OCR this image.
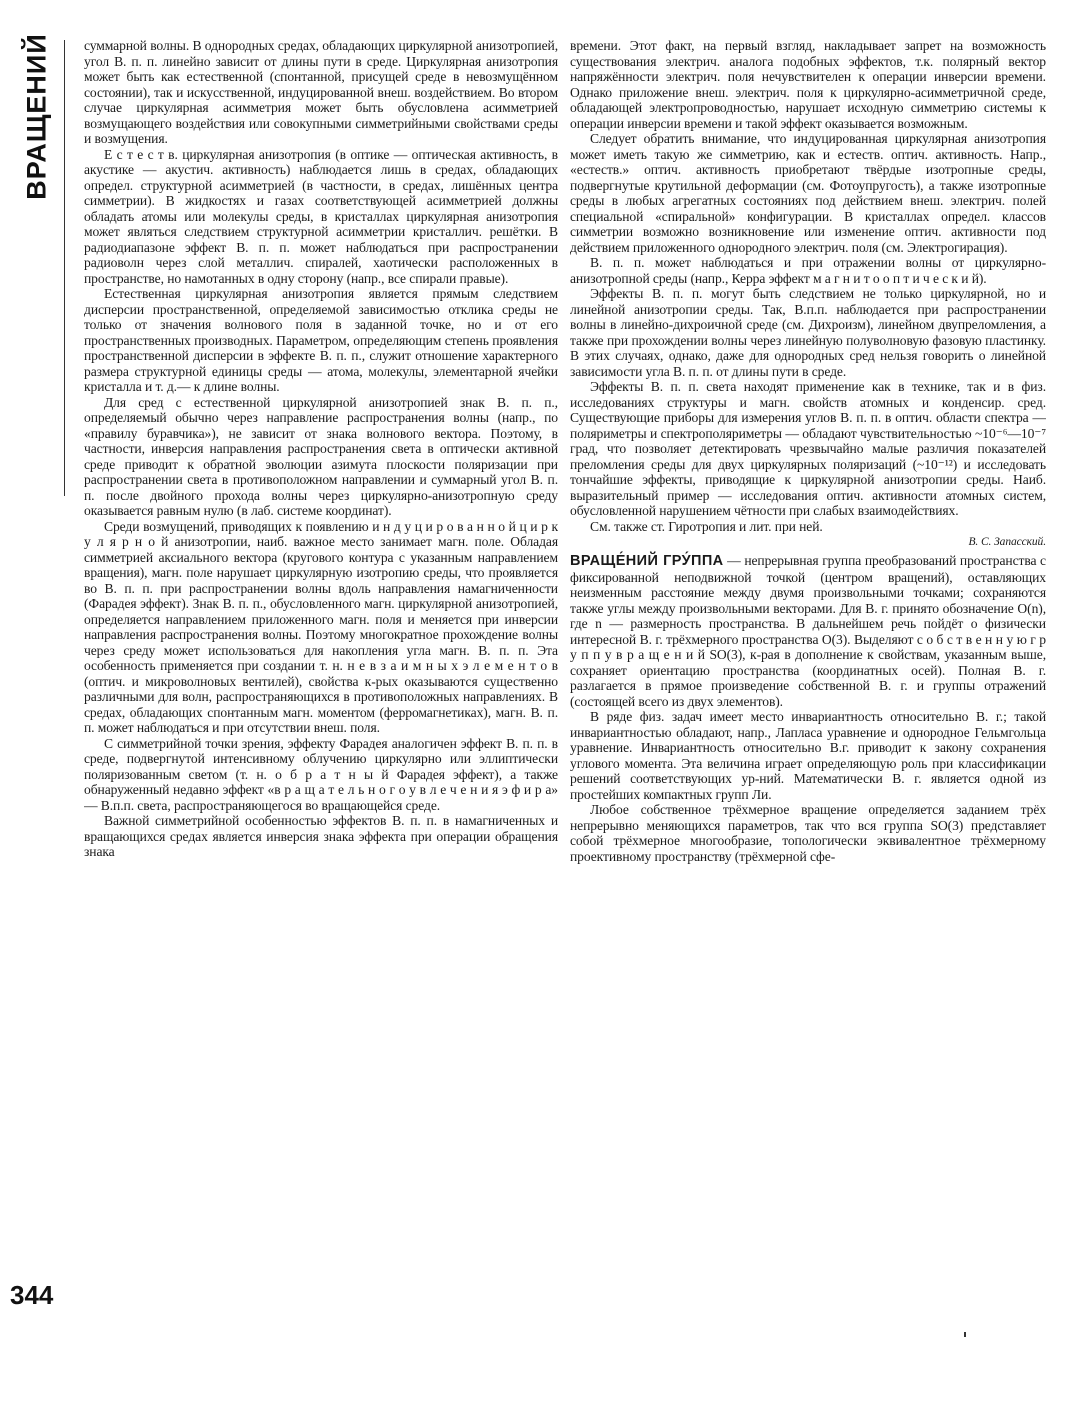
ВРАЩЕНИЙ
344

суммарной волны. В однородных средах, обладающих циркулярной анизотропией, угол В. п. п. линейно зависит от длины пути в среде. Циркулярная анизотропия может быть как естественной (спонтанной, присущей среде в невозмущённом состоянии), так и искусственной, индуцированной внеш. воздействием. Во втором случае циркулярная асимметрия может быть обусловлена асимметрией возмущающего воздействия или совокупными симметрийными свойствами среды и возмущения.

Е с т е с т в. циркулярная анизотропия (в оптике — оптическая активность, в акустике — акустич. активность) наблюдается лишь в средах, обладающих определ. структурной асимметрией (в частности, в средах, лишённых центра симметрии). В жидкостях и газах соответствующей асимметрией должны обладать атомы или молекулы среды, в кристаллах циркулярная анизотропия может являться следствием структурной асимметрии кристаллич. решётки. В радиодиапазоне эффект В. п. п. может наблюдаться при распространении радиоволн через слой металлич. спиралей, хаотически расположенных в пространстве, но намотанных в одну сторону (напр., все спирали правые).

Естественная циркулярная анизотропия является прямым следствием дисперсии пространственной, определяемой зависимостью отклика среды не только от значения волнового поля в заданной точке, но и от его пространственных производных. Параметром, определяющим степень проявления пространственной дисперсии в эффекте В. п. п., служит отношение характерного размера структурной единицы среды — атома, молекулы, элементарной ячейки кристалла и т. д.— к длине волны.

Для сред с естественной циркулярной анизотропией знак В. п. п., определяемый обычно через направление распространения волны (напр., по «правилу буравчика»), не зависит от знака волнового вектора. Поэтому, в частности, инверсия направления распространения света в оптически активной среде приводит к обратной эволюции азимута плоскости поляризации при распространении света в противоположном направлении и суммарный угол В. п. п. после двойного прохода волны через циркулярно-анизотропную среду оказывается равным нулю (в лаб. системе координат).

Среди возмущений, приводящих к появлению и н д у ц и р о в а н н о й ц и р к у л я р н о й анизотропии, наиб. важное место занимает магн. поле. Обладая симметрией аксиального вектора (кругового контура с указанным направлением вращения), магн. поле нарушает циркулярную изотропию среды, что проявляется во В. п. п. при распространении волны вдоль направления намагниченности (Фарадея эффект). Знак В. п. п., обусловленного магн. циркулярной анизотропией, определяется направлением приложенного магн. поля и меняется при инверсии направления распространения волны. Поэтому многократное прохождение волны через среду может использоваться для накопления угла магн. В. п. п. Эта особенность применяется при создании т. н. н е в з а и м н ы х э л е м е н т о в (оптич. и микроволновых вентилей), свойства к-рых оказываются существенно различными для волн, распространяющихся в противоположных направлениях. В средах, обладающих спонтанным магн. моментом (ферромагнетиках), магн. В. п. п. может наблюдаться и при отсутствии внеш. поля.

С симметрийной точки зрения, эффекту Фарадея аналогичен эффект В. п. п. в среде, подвергнутой интенсивному облучению циркулярно или эллиптически поляризованным светом (т. н. о б р а т н ы й Фарадея эффект), а также обнаруженный недавно эффект «в р а щ а т е л ь н о г о у в л е ч е н и я э ф и р а» — В.п.п. света, распространяющегося во вращающейся среде.

Важной симметрийной особенностью эффектов В. п. п. в намагниченных и вращающихся средах является инверсия знака эффекта при операции обращения знака

времени. Этот факт, на первый взгляд, накладывает запрет на возможность существования электрич. аналога подобных эффектов, т.к. полярный вектор напряжённости электрич. поля нечувствителен к операции инверсии времени. Однако приложение внеш. электрич. поля к циркулярно-асимметричной среде, обладающей электропроводностью, нарушает исходную симметрию системы к операции инверсии времени и такой эффект оказывается возможным.

Следует обратить внимание, что индуцированная циркулярная анизотропия может иметь такую же симметрию, как и естеств. оптич. активность. Напр., «естеств.» оптич. активность приобретают твёрдые изотропные среды, подвергнутые крутильной деформации (см. Фотоупругость), а также изотропные среды в любых агрегатных состояниях под действием внеш. электрич. полей специальной «спиральной» конфигурации. В кристаллах определ. классов симметрии возможно возникновение или изменение оптич. активности под действием приложенного однородного электрич. поля (см. Электрогирация).

В. п. п. может наблюдаться и при отражении волны от циркулярно-анизотропной среды (напр., Керра эффект м а г н и т о о п т и ч е с к и й).

Эффекты В. п. п. могут быть следствием не только циркулярной, но и линейной анизотропии среды. Так, В.п.п. наблюдается при распространении волны в линейно-дихроичной среде (см. Дихроизм), линейном двупреломления, а также при прохождении волны через линейную полуволновую фазовую пластинку. В этих случаях, однако, даже для однородных сред нельзя говорить о линейной зависимости угла В. п. п. от длины пути в среде.

Эффекты В. п. п. света находят применение как в технике, так и в физ. исследованиях структуры и магн. свойств атомных и конденсир. сред. Существующие приборы для измерения углов В. п. п. в оптич. области спектра — поляриметры и спектрополяриметры — обладают чувствительностью ~10⁻⁶—10⁻⁷ град, что позволяет детектировать чрезвычайно малые различия показателей преломления среды для двух циркулярных поляризаций (~10⁻¹²) и исследовать тончайшие эффекты, приводящие к циркулярной анизотропии среды. Наиб. выразительный пример — исследования оптич. активности атомных систем, обусловленной нарушением чётности при слабых взаимодействиях.

См. также ст. Гиротропия и лит. при ней.

В. С. Запасский.

ВРАЩЕ́НИЙ ГРУ́ППА — непрерывная группа преобразований пространства с фиксированной неподвижной точкой (центром вращений), оставляющих неизменным расстояние между двумя произвольными точками; сохраняются также углы между произвольными векторами. Для В. г. принято обозначение O(n), где n — размерность пространства. В дальнейшем речь пойдёт о физически интересной В. г. трёхмерного пространства O(3). Выделяют с о б с т в е н н у ю г р у п п у в р а щ е н и й SO(3), к-рая в дополнение к свойствам, указанным выше, сохраняет ориентацию пространства (координатных осей). Полная В. г. разлагается в прямое произведение собственной В. г. и группы отражений (состоящей всего из двух элементов).

В ряде физ. задач имеет место инвариантность относительно В. г.; такой инвариантностью обладают, напр., Лапласа уравнение и однородное Гельмгольца уравнение. Инвариантность относительно В.г. приводит к закону сохранения углового момента. Эта величина играет определяющую роль при классификации решений соответствующих ур-ний. Математически В. г. является одной из простейших компактных групп Ли.

Любое собственное трёхмерное вращение определяется заданием трёх непрерывно меняющихся параметров, так что вся группа SO(3) представляет собой трёхмерное многообразие, топологически эквивалентное трёхмерному проективному пространству (трёхмерной сфе-
